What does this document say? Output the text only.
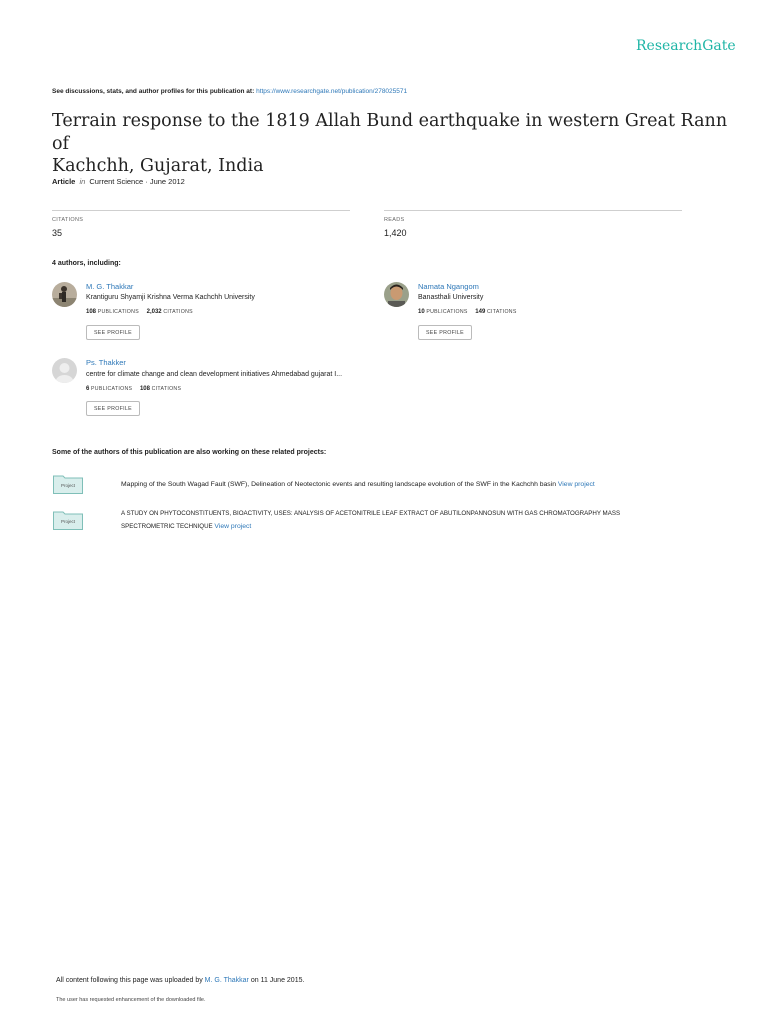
ResearchGate
See discussions, stats, and author profiles for this publication at: https://www.researchgate.net/publication/278025571
Terrain response to the 1819 Allah Bund earthquake in western Great Rann of
Kachchh, Gujarat, India
Article in Current Science · June 2012
CITATIONS
35
READS
1,420
4 authors, including:
M. G. Thakkar
Krantiguru Shyamji Krishna Verma Kachchh University
108 PUBLICATIONS 2,032 CITATIONS
SEE PROFILE
Namata Ngangom
Banasthali University
10 PUBLICATIONS 149 CITATIONS
SEE PROFILE
Ps. Thakker
centre for climate change and clean development initiatives Ahmedabad gujarat I...
6 PUBLICATIONS 108 CITATIONS
SEE PROFILE
Some of the authors of this publication are also working on these related projects:
Project	Mapping of the South Wagad Fault (SWF), Delineation of Neotectonic events and resulting landscape evolution of the SWF in the Kachchh basin View project
Project
A STUDY ON PHYTOCONSTITUENTS, BIOACTIVITY, USES: ANALYSIS OF ACETONITRILE LEAF EXTRACT OF ABUTILONPANNOSUN WITH GAS CHROMATOGRAPHY MASS
SPECTROMETRIC TECHNIQUE View project
All content following this page was uploaded by M. G. Thakkar on 11 June 2015.
The user has requested enhancement of the downloaded file.
